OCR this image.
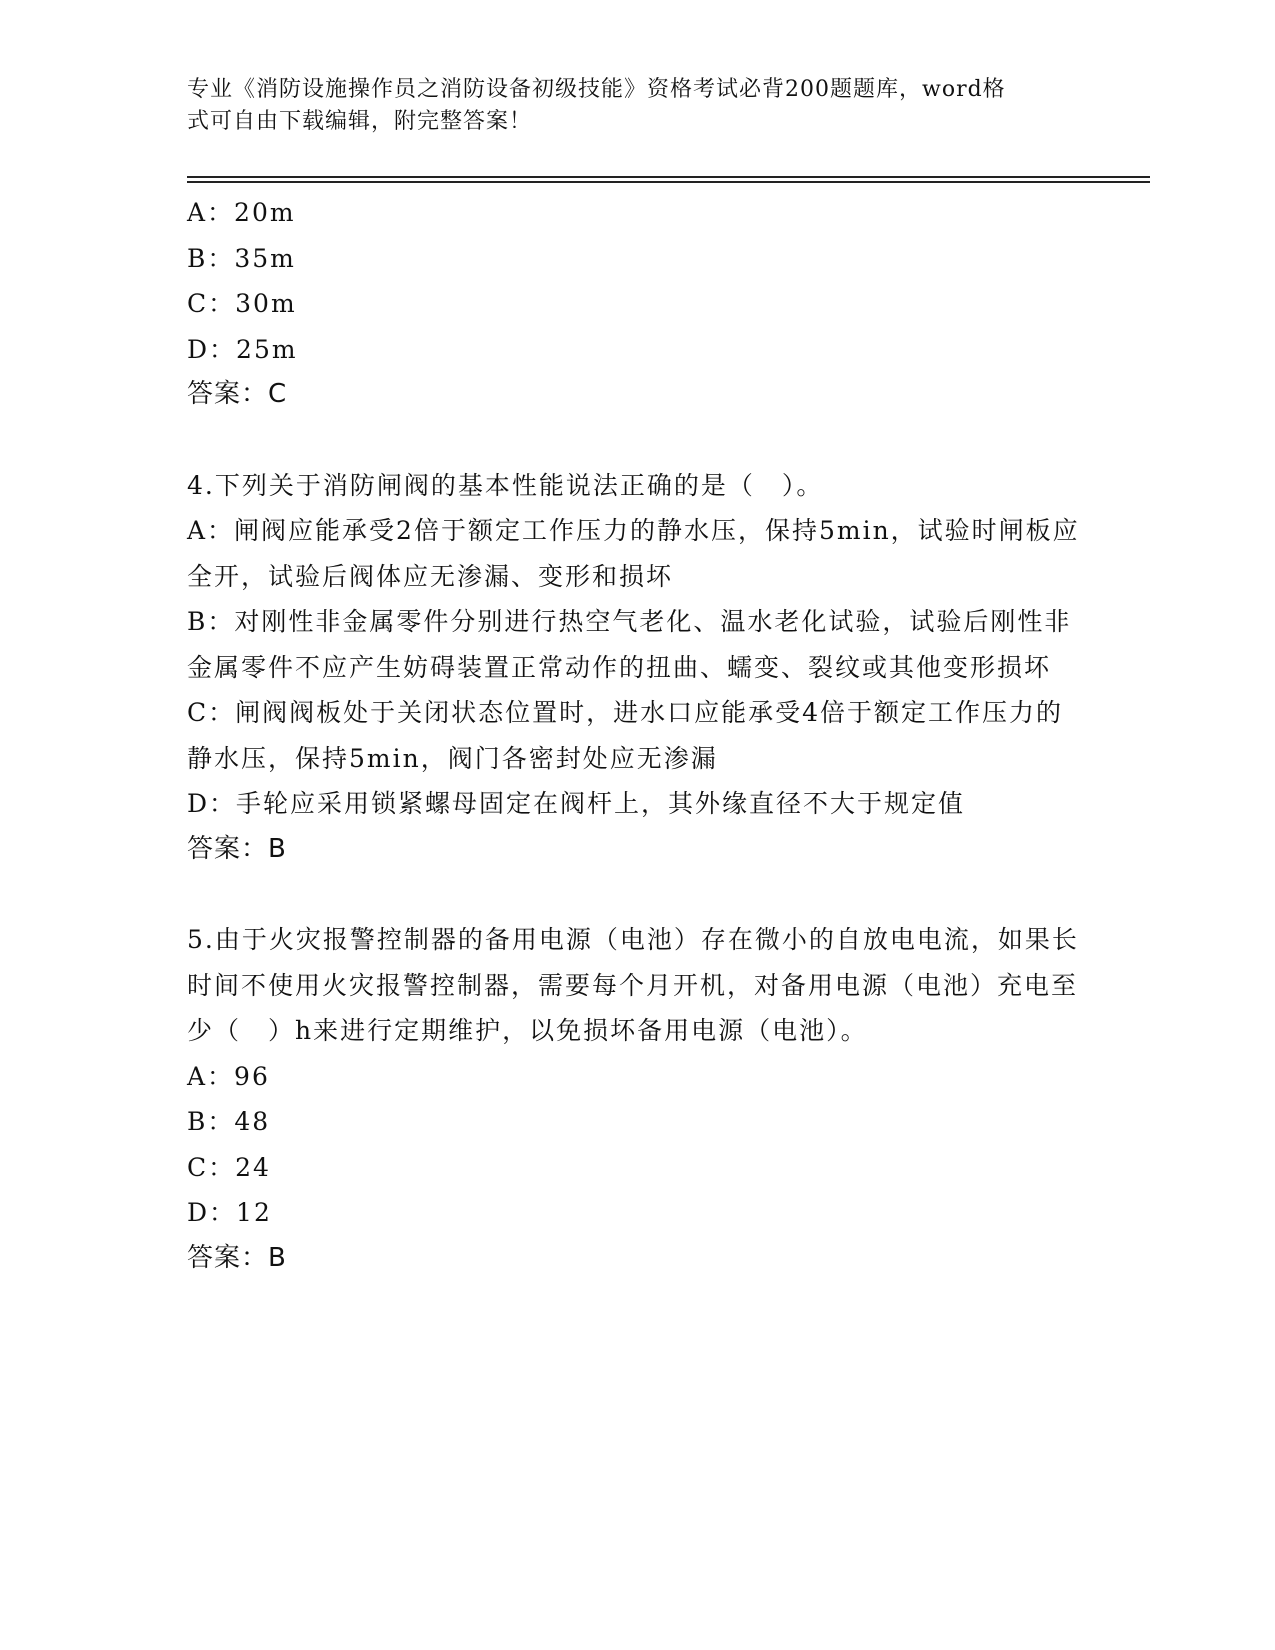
专业《消防设施操作员之消防设备初级技能》资格考试必背200题题库，word格
式可自由下载编辑，附完整答案！
A：20m
B：35m
C：30m
D：25m
答案：C
4.下列关于消防闸阀的基本性能说法正确的是（　）。
A：闸阀应能承受2倍于额定工作压力的静水压，保持5min，试验时闸板应全开，试验后阀体应无渗漏、变形和损坏
B：对刚性非金属零件分别进行热空气老化、温水老化试验，试验后刚性非金属零件不应产生妨碍装置正常动作的扭曲、蠕变、裂纹或其他变形损坏
C：闸阀阀板处于关闭状态位置时，进水口应能承受4倍于额定工作压力的静水压，保持5min，阀门各密封处应无渗漏
D：手轮应采用锁紧螺母固定在阀杆上，其外缘直径不大于规定值
答案：B
5.由于火灾报警控制器的备用电源（电池）存在微小的自放电电流，如果长时间不使用火灾报警控制器，需要每个月开机，对备用电源（电池）充电至少（　）h来进行定期维护，以免损坏备用电源（电池）。
A：96
B：48
C：24
D：12
答案：B
